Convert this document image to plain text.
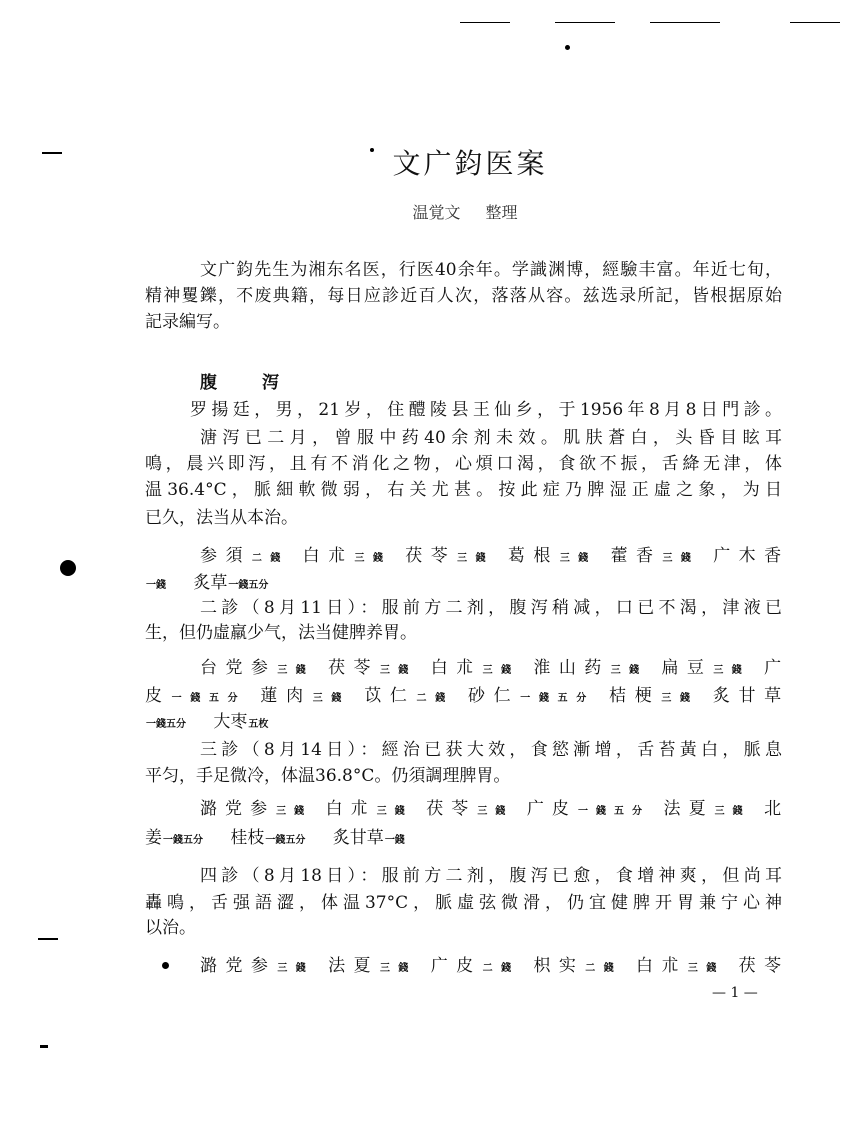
文广鈞医案
温覚文 整理
文广鈞先生为湘东名医，行医40余年。学識渊博，經驗丰富。年近七旬，
精神矍鑠，不废典籍，每日应診近百人次，落落从容。兹选录所記，皆根据原始
記录編写。
腹　泻
罗揚廷，男，21岁，住醴陵县王仙乡，于1956年8月8日門診。
溏泻已二月，曾服中药40余剂未效。肌肤蒼白，头昏目眩耳
鳴，晨兴即泻，且有不消化之物，心煩口渴，食欲不振，舌絳无津，体
温36.4°C，脈細軟微弱，右关尤甚。按此症乃脾湿正虛之象，为日
已久，法当从本治。
参須二錢 白朮三錢 茯苓三錢 葛根三錢 藿香三錢 广木香
一錢 炙草一錢五分
二診（8月11日）：服前方二剂，腹泻稍减，口已不渴，津液已
生，但仍虛羸少气，法当健脾养胃。
台党参三錢 茯苓三錢 白朮三錢 淮山药三錢 扁豆三錢 广
皮一錢五分 蓮肉三錢 苡仁二錢 砂仁一錢五分 桔梗三錢 炙甘草
一錢五分 大枣五枚
三診（8月14日）：經治已获大效，食慾漸增，舌苔黃白，脈息
平匀，手足微冷，体温36.8°C。仍須調理脾胃。
潞党参三錢 白朮三錢 茯苓三錢 广皮一錢五分 法夏三錢 北
姜一錢五分 桂枝一錢五分 炙甘草一錢
四診（8月18日）：服前方二剂，腹泻已愈，食增神爽，但尚耳
轟鳴，舌强語澀，体温37°C，脈虛弦微滑，仍宜健脾开胃兼宁心神
以治。
潞党参三錢 法夏三錢 广皮二錢 枳实二錢 白朮三錢 茯苓
— 1 —
